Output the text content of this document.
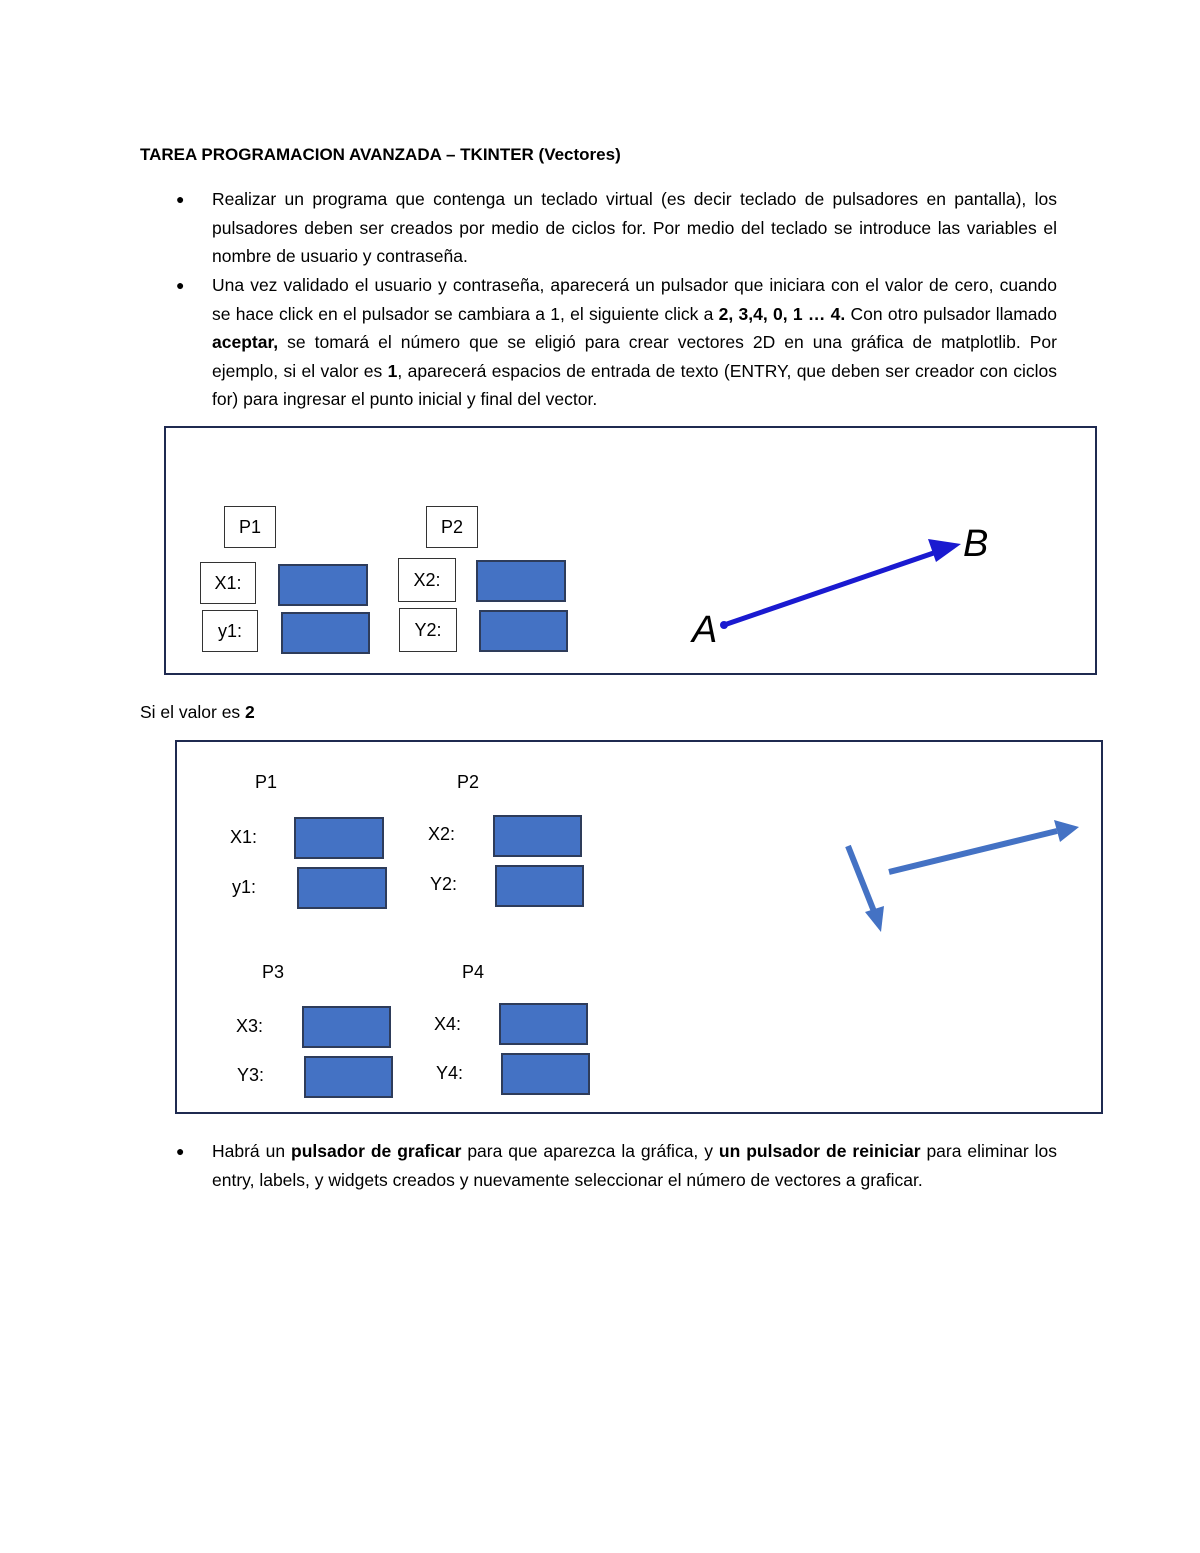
TAREA PROGRAMACION AVANZADA – TKINTER (Vectores)
● Realizar un programa que contenga un teclado virtual (es decir teclado de pulsadores en pantalla), los pulsadores deben ser creados por medio de ciclos for. Por medio del teclado se introduce las variables el nombre de usuario y contraseña.
● Una vez validado el usuario y contraseña, aparecerá un pulsador que iniciara con el valor de cero, cuando se hace click en el pulsador se cambiara a 1, el siguiente click a 2, 3,4, 0, 1 … 4. Con otro pulsador llamado aceptar, se tomará el número que se eligió para crear vectores 2D en una gráfica de matplotlib. Por ejemplo, si el valor es 1, aparecerá espacios de entrada de texto (ENTRY, que deben ser creador con ciclos for) para ingresar el punto inicial y final del vector.
P1	P2
X1:
y1:
X2:
Y2:	A
B
Si el valor es 2
P1	P2
X1:
y1:
X2:
Y2:
P3	P4
X3:
Y3:
X4:
Y4:
● Habrá un pulsador de graficar para que aparezca la gráfica, y un pulsador de reiniciar para eliminar los entry, labels, y widgets creados y nuevamente seleccionar el número de vectores a graficar.
